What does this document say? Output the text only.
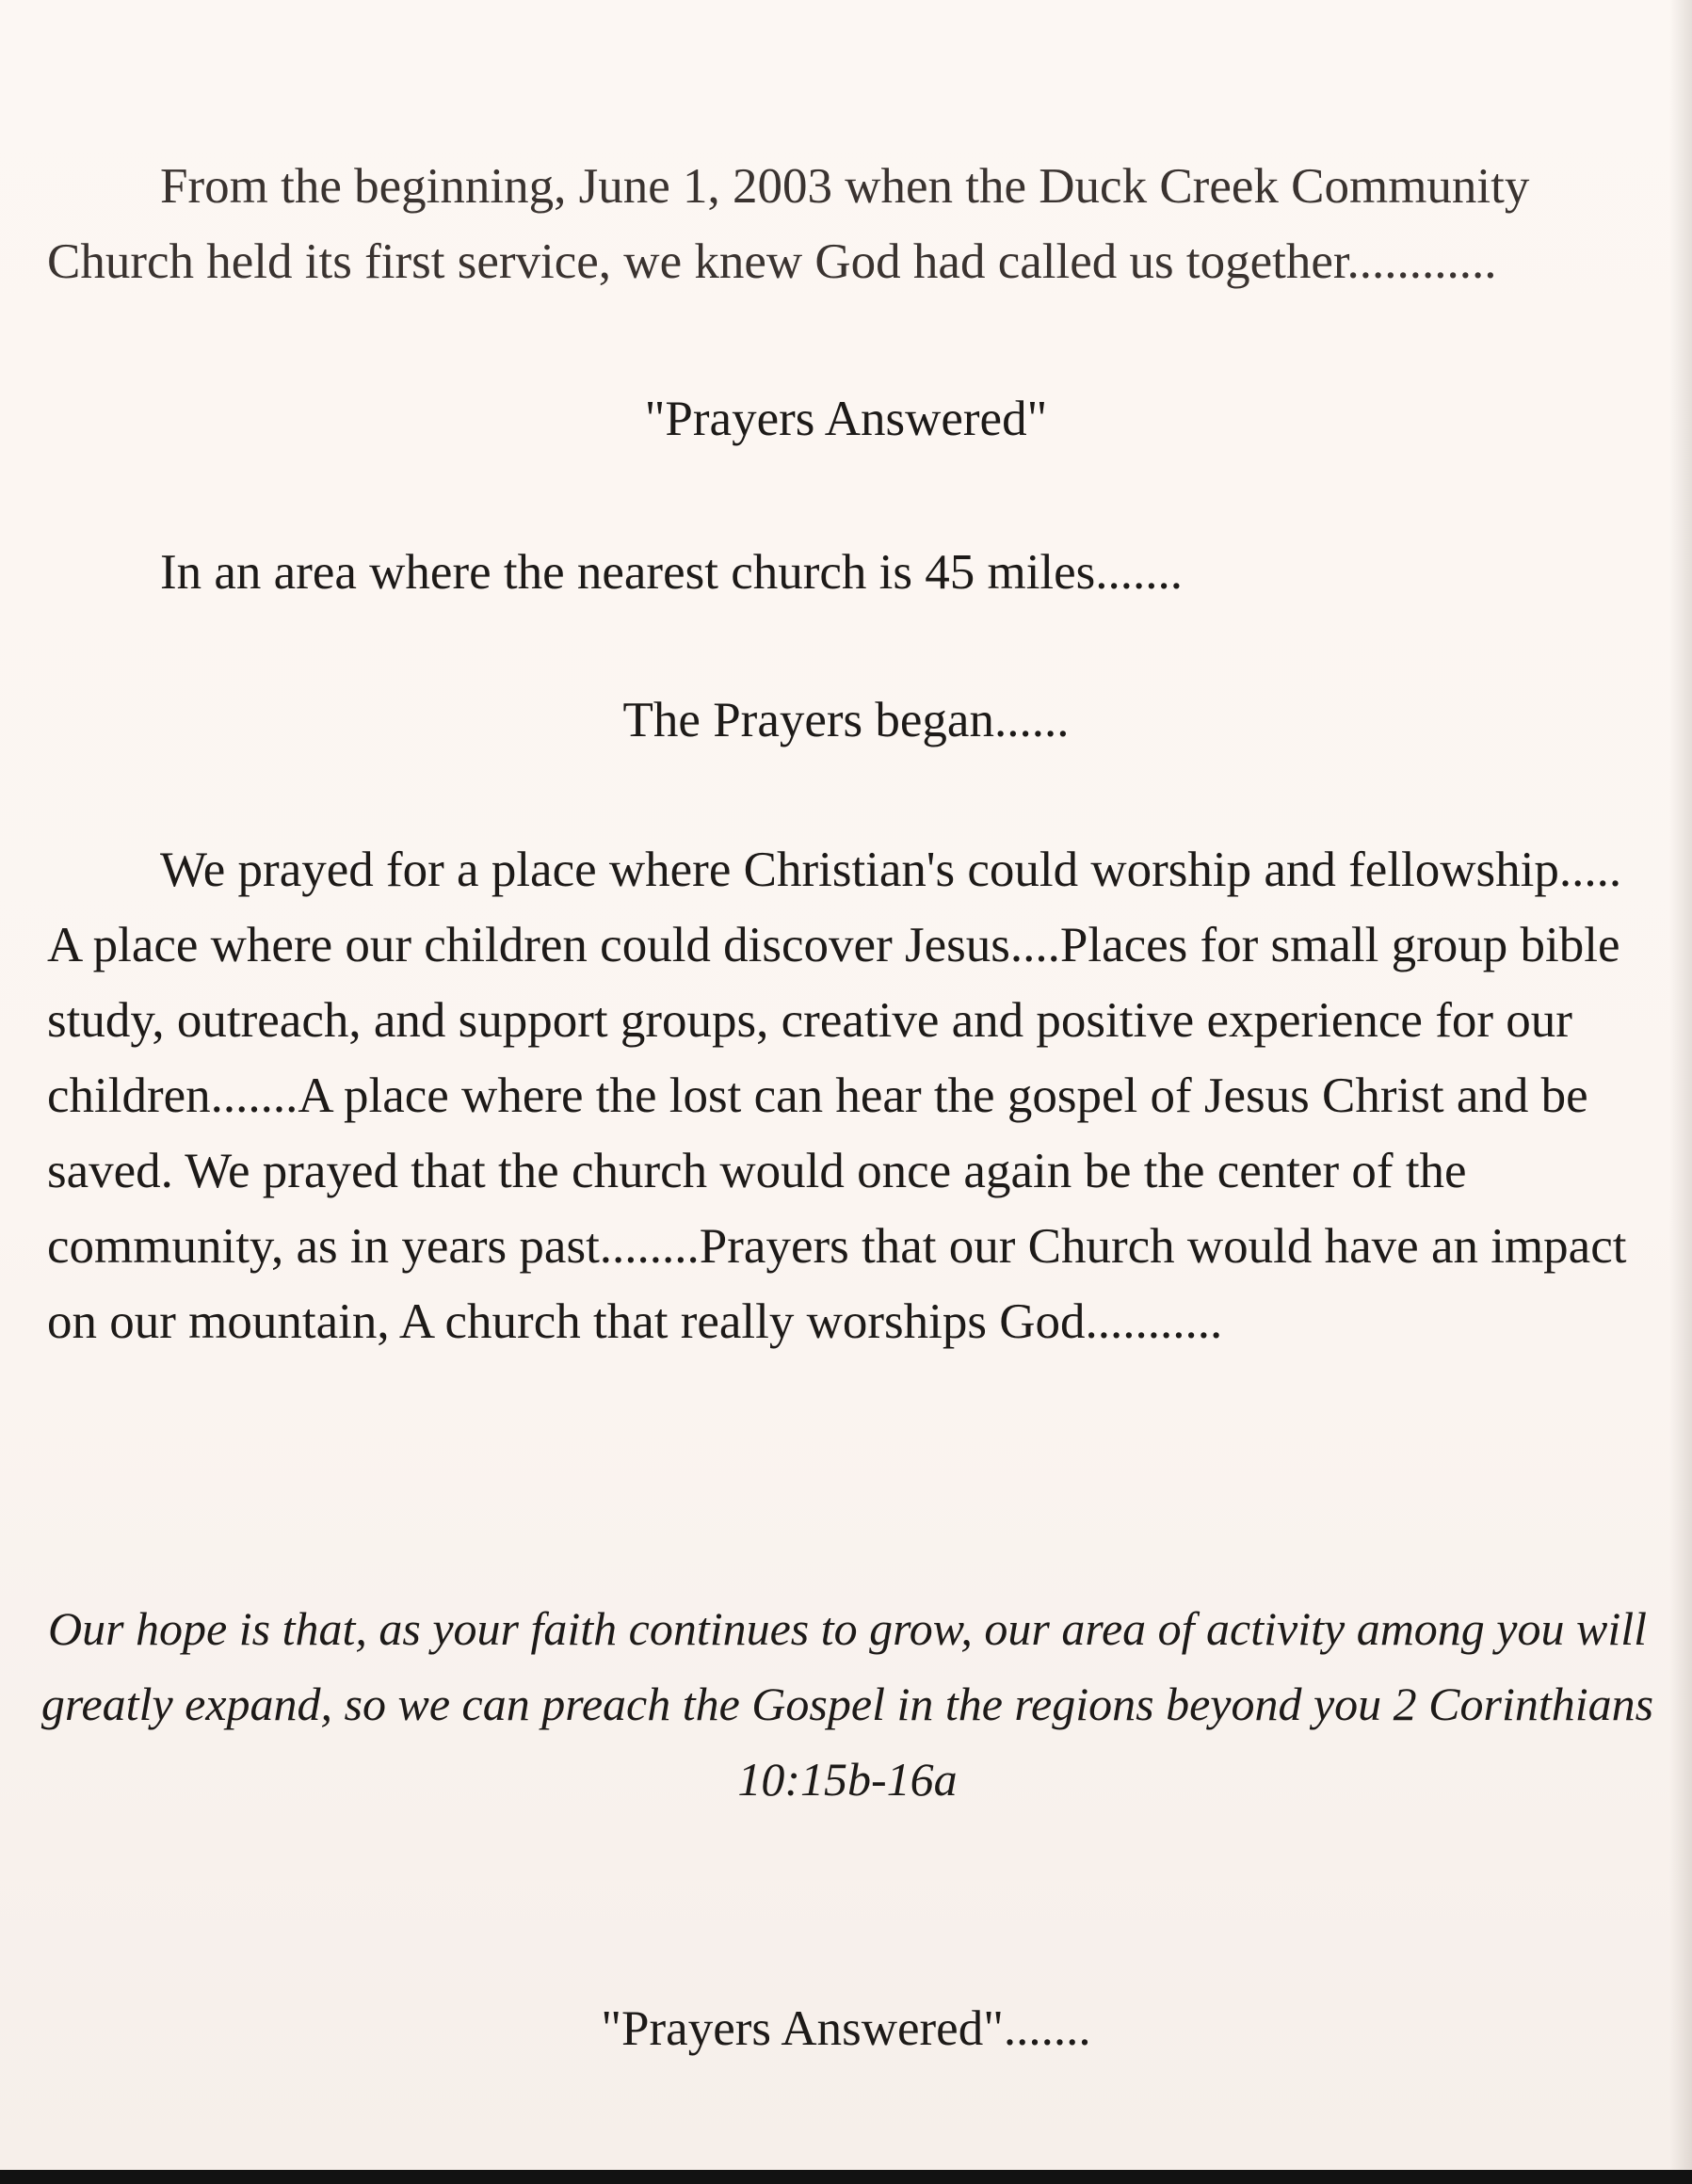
From the beginning, June 1, 2003 when the Duck Creek Community Church held its first service, we knew God had called us together............

"Prayers Answered"

In an area where the nearest church is 45 miles.......

The Prayers began......

We prayed for a place where Christian's could worship and fellowship..... A place where our children could discover Jesus....Places for small group bible study, outreach, and support groups, creative and positive experience for our children.......A place where the lost can hear the gospel of Jesus Christ and be saved. We prayed that the church would once again be the center of the community, as in years past........Prayers that our Church would have an impact on our mountain, A church that really worships God...........

Our hope is that, as your faith continues to grow, our area of activity among you will greatly expand, so we can preach the Gospel in the regions beyond you 2 Corinthians 10:15b-16a

"Prayers Answered".......
